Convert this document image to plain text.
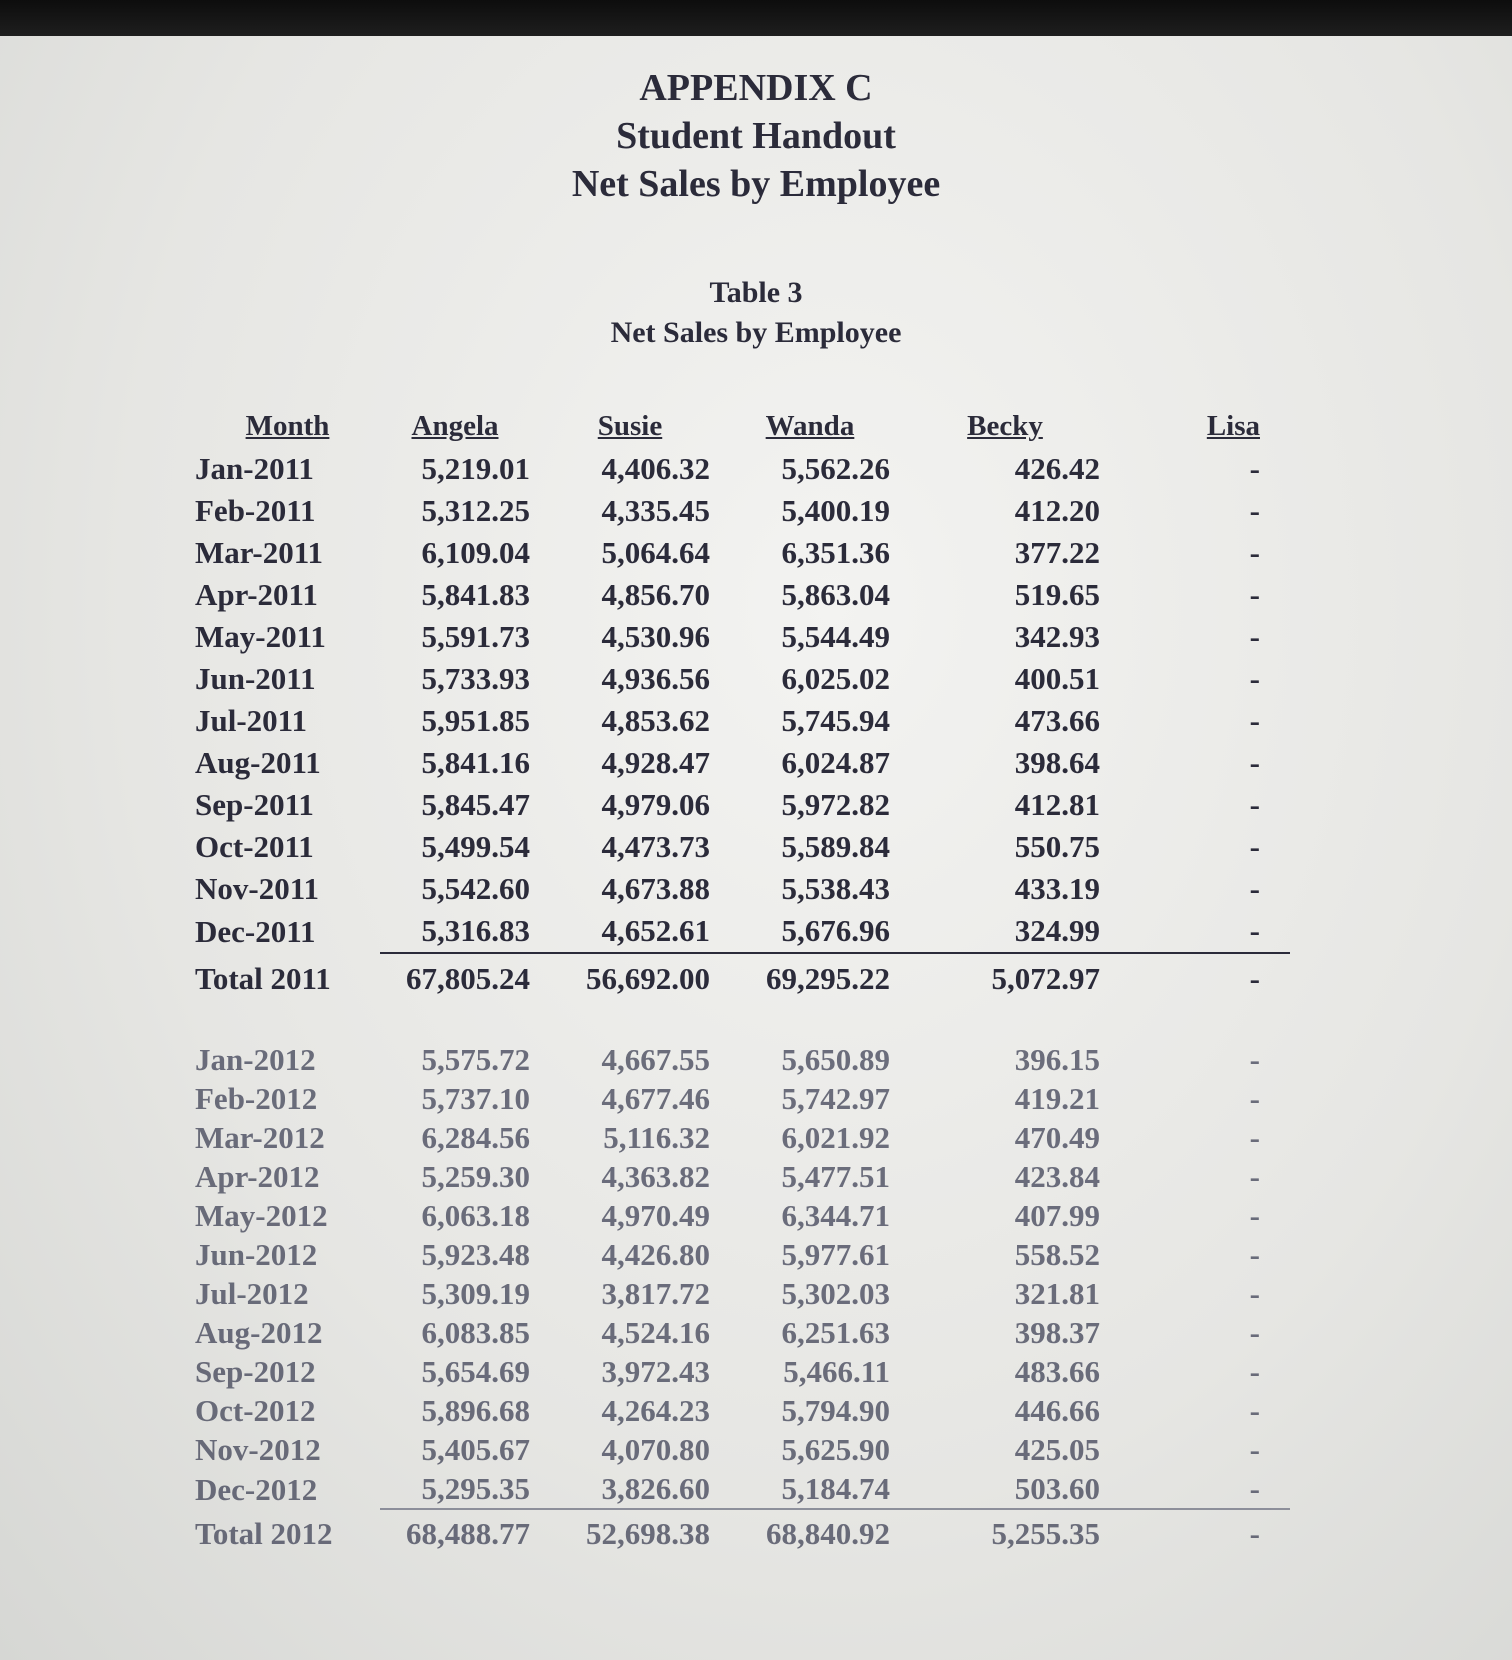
APPENDIX C
Student Handout
Net Sales by Employee
Table 3
Net Sales by Employee
Month	Angela	Susie	Wanda	Becky	Lisa
Jan-2011	5,219.01	4,406.32	5,562.26	426.42	-
Feb-2011	5,312.25	4,335.45	5,400.19	412.20	-
Mar-2011	6,109.04	5,064.64	6,351.36	377.22	-
Apr-2011	5,841.83	4,856.70	5,863.04	519.65	-
May-2011	5,591.73	4,530.96	5,544.49	342.93	-
Jun-2011	5,733.93	4,936.56	6,025.02	400.51	-
Jul-2011	5,951.85	4,853.62	5,745.94	473.66	-
Aug-2011	5,841.16	4,928.47	6,024.87	398.64	-
Sep-2011	5,845.47	4,979.06	5,972.82	412.81	-
Oct-2011	5,499.54	4,473.73	5,589.84	550.75	-
Nov-2011	5,542.60	4,673.88	5,538.43	433.19	-
Dec-2011	5,316.83	4,652.61	5,676.96	324.99	-
Total 2011	67,805.24	56,692.00	69,295.22	5,072.97	-

Jan-2012	5,575.72	4,667.55	5,650.89	396.15	-
Feb-2012	5,737.10	4,677.46	5,742.97	419.21	-
Mar-2012	6,284.56	5,116.32	6,021.92	470.49	-
Apr-2012	5,259.30	4,363.82	5,477.51	423.84	-
May-2012	6,063.18	4,970.49	6,344.71	407.99	-
Jun-2012	5,923.48	4,426.80	5,977.61	558.52	-
Jul-2012	5,309.19	3,817.72	5,302.03	321.81	-
Aug-2012	6,083.85	4,524.16	6,251.63	398.37	-
Sep-2012	5,654.69	3,972.43	5,466.11	483.66	-
Oct-2012	5,896.68	4,264.23	5,794.90	446.66	-
Nov-2012	5,405.67	4,070.80	5,625.90	425.05	-
Dec-2012	5,295.35	3,826.60	5,184.74	503.60	-
Total 2012	68,488.77	52,698.38	68,840.92	5,255.35	-
